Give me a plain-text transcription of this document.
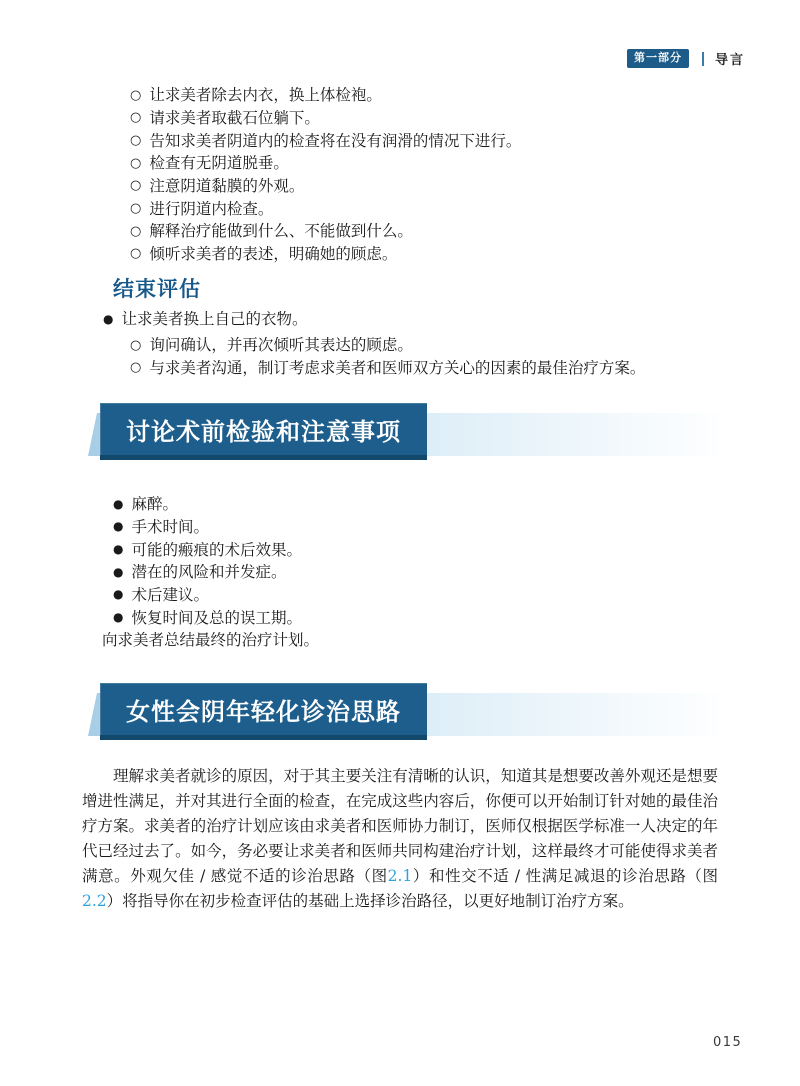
第一部分	导言
○
让求美者除去内衣，换上体检袍。
○
请求美者取截石位躺下。
○
告知求美者阴道内的检查将在没有润滑的情况下进行。
○
检查有无阴道脱垂。
○
注意阴道黏膜的外观。
○
进行阴道内检查。
○
解释治疗能做到什么、不能做到什么。
○
倾听求美者的表述，明确她的顾虑。
结束评估
●
让求美者换上自己的衣物。
○
询问确认，并再次倾听其表达的顾虑。
○
与求美者沟通，制订考虑求美者和医师双方关心的因素的最佳治疗方案。
讨论术前检验和注意事项
●
麻醉。
●
手术时间。
●
可能的瘢痕的术后效果。
●
潜在的风险和并发症。
●
术后建议。
●
恢复时间及总的误工期。

向求美者总结最终的治疗计划。

女性会阴年轻化诊治思路

理解求美者就诊的原因，对于其主要关注有清晰的认识，知道其是想要改善外观还是想要增进性满足，并对其进行全面的检查，在完成这些内容后，你便可以开始制订针对她的最佳治疗方案。求美者的治疗计划应该由求美者和医师协力制订，医师仅根据医学标准一人决定的年代已经过去了。如今，务必要让求美者和医师共同构建治疗计划，这样最终才可能使得求美者满意。外观欠佳 / 感觉不适的诊治思路（图2.1）和性交不适 / 性满足减退的诊治思路（图2.2）将指导你在初步检查评估的基础上选择诊治路径，以更好地制订治疗方案。

015
